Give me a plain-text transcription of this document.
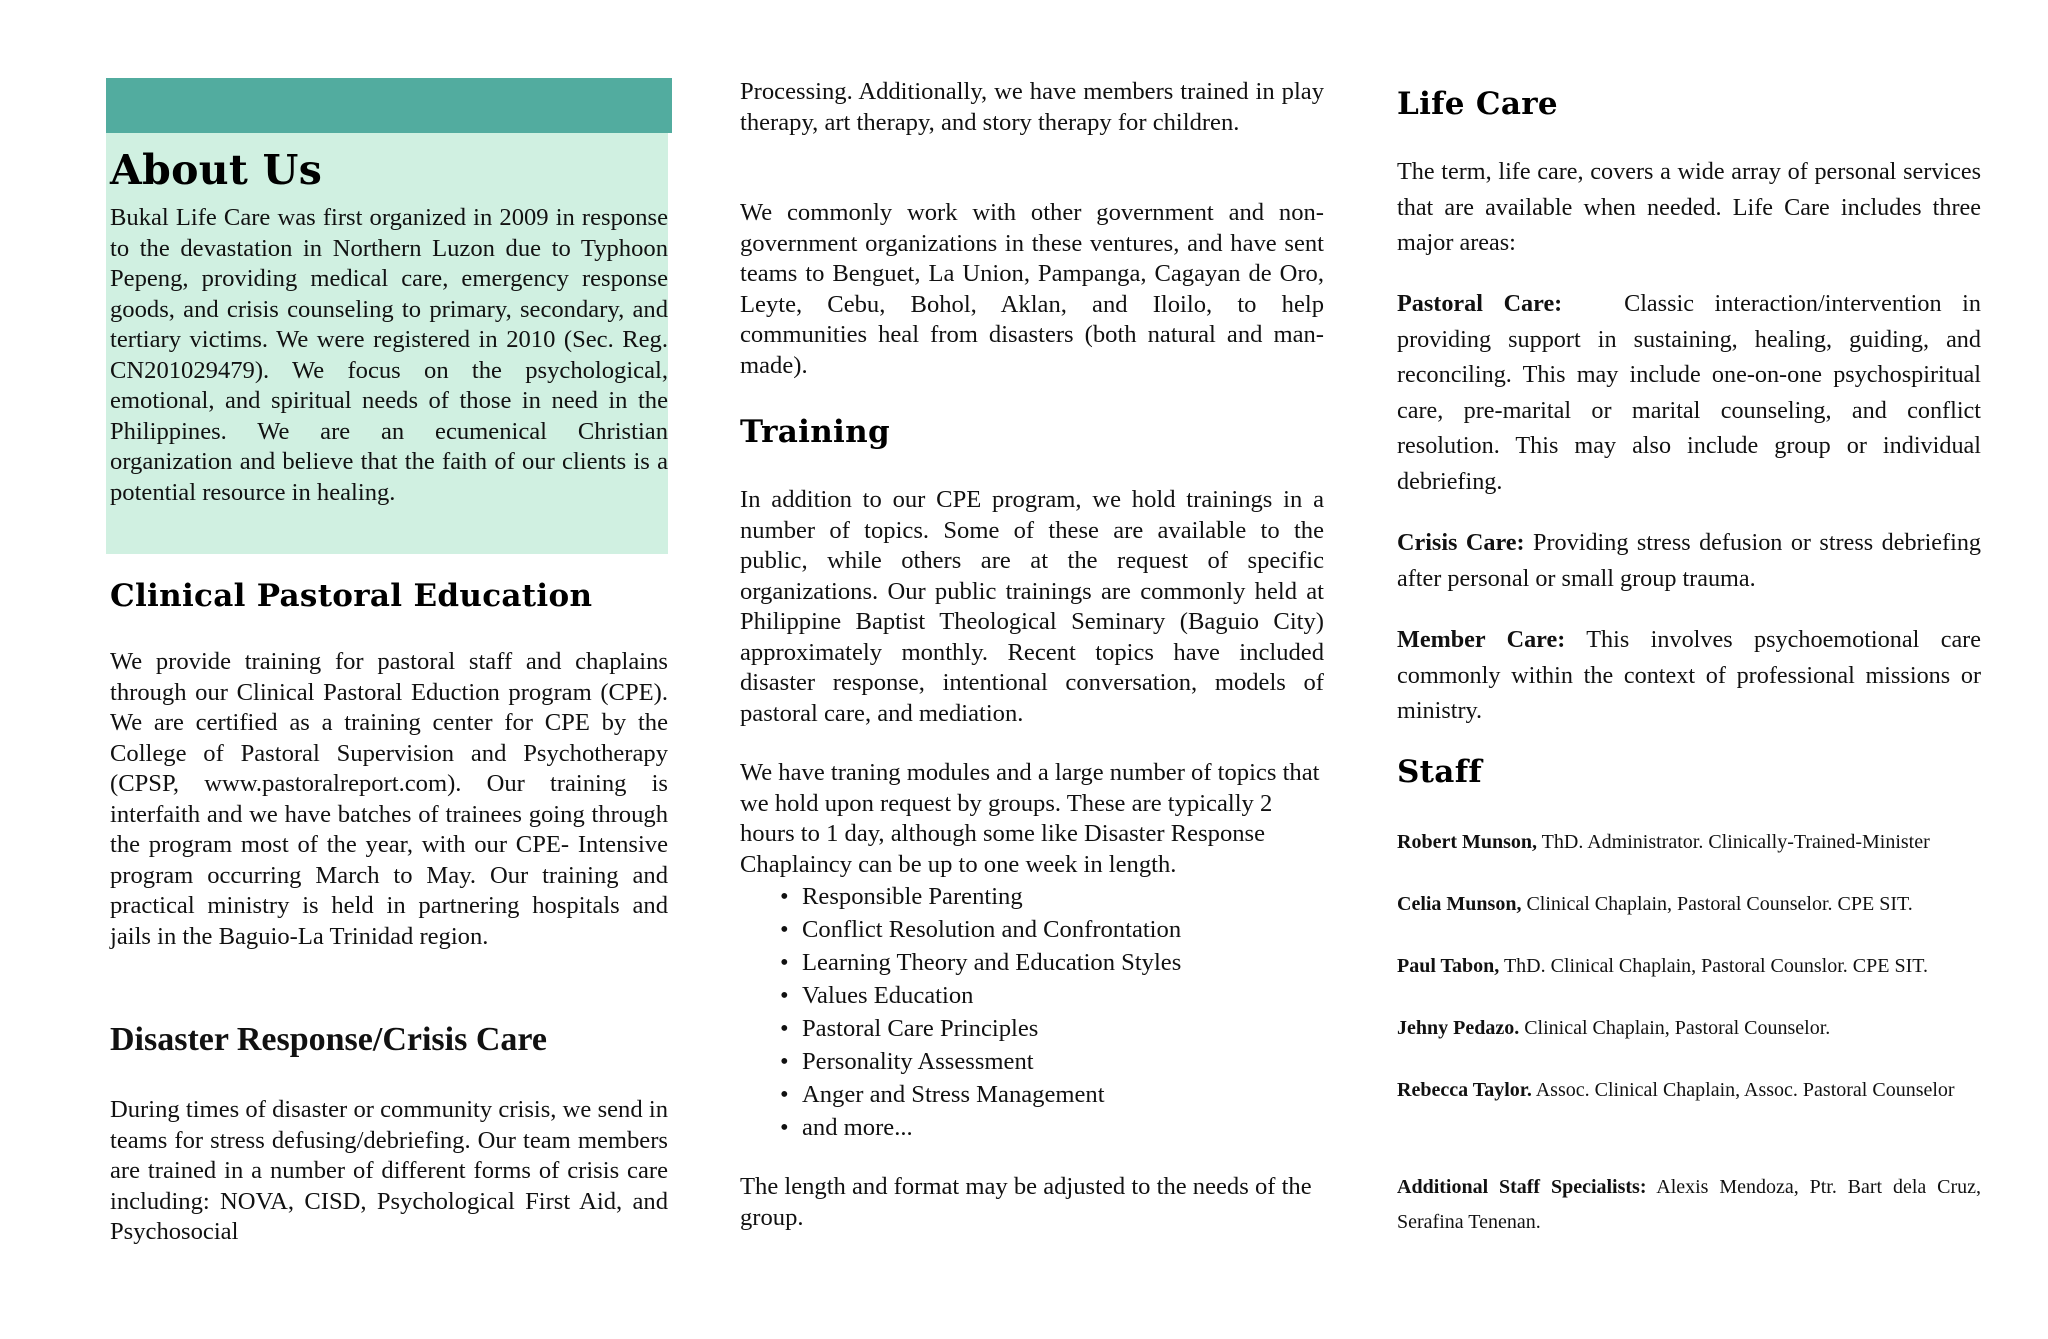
About Us

Bukal Life Care was first organized in 2009 in response to the devastation in Northern Luzon due to Typhoon Pepeng, providing medical care, emergency response goods, and crisis counseling to primary, secondary, and tertiary victims. We were registered in 2010 (Sec. Reg. CN201029479). We focus on the psychological, emotional, and spiritual needs of those in need in the Philippines. We are an ecumenical Christian organization and believe that the faith of our clients is a potential resource in healing.

Clinical Pastoral Education

We provide training for pastoral staff and chaplains through our Clinical Pastoral Eduction program (CPE). We are certified as a training center for CPE by the College of Pastoral Supervision and Psychotherapy (CPSP, www.pastoralreport.com). Our training is interfaith and we have batches of trainees going through the program most of the year, with our CPE- Intensive program occurring March to May. Our training and practical ministry is held in partnering hospitals and jails in the Baguio-La Trinidad region.

Disaster Response/Crisis Care

During times of disaster or community crisis, we send in teams for stress defusing/debriefing. Our team members are trained in a number of different forms of crisis care including: NOVA, CISD, Psychological First Aid, and Psychosocial

Processing. Additionally, we have members trained in play therapy, art therapy, and story therapy for children.

We commonly work with other government and non-government organizations in these ventures, and have sent teams to Benguet, La Union, Pampanga, Cagayan de Oro, Leyte, Cebu, Bohol, Aklan, and Iloilo, to help communities heal from disasters (both natural and man-made).

Training

In addition to our CPE program, we hold trainings in a number of topics. Some of these are available to the public, while others are at the request of specific organizations. Our public trainings are commonly held at Philippine Baptist Theological Seminary (Baguio City) approximately monthly. Recent topics have included disaster response, intentional conversation, models of pastoral care, and mediation.

We have traning modules and a large number of topics that we hold upon request by groups. These are typically 2 hours to 1 day, although some like Disaster Response Chaplaincy can be up to one week in length.

• Responsible Parenting
• Conflict Resolution and Confrontation
• Learning Theory and Education Styles
• Values Education
• Pastoral Care Principles
• Personality Assessment
• Anger and Stress Management
• and more...

The length and format may be adjusted to the needs of the group.

Life Care

The term, life care, covers a wide array of personal services that are available when needed. Life Care includes three major areas:

Pastoral Care:	Classic interaction/intervention in providing support in sustaining, healing, guiding, and reconciling. This may include one-on-one psychospiritual care, pre-marital or marital counseling, and conflict resolution. This may also include group or individual debriefing.

Crisis Care: Providing stress defusion or stress debriefing after personal or small group trauma.

Member Care: This involves psychoemotional care commonly within the context of professional missions or ministry.

Staff

Robert Munson, ThD. Administrator. Clinically-Trained-Minister

Celia Munson, Clinical Chaplain, Pastoral Counselor. CPE SIT.

Paul Tabon, ThD. Clinical Chaplain, Pastoral Counslor. CPE SIT.

Jehny Pedazo. Clinical Chaplain, Pastoral Counselor.

Rebecca Taylor. Assoc. Clinical Chaplain, Assoc. Pastoral Counselor

Additional Staff Specialists: Alexis Mendoza, Ptr. Bart dela Cruz, Serafina Tenenan.
